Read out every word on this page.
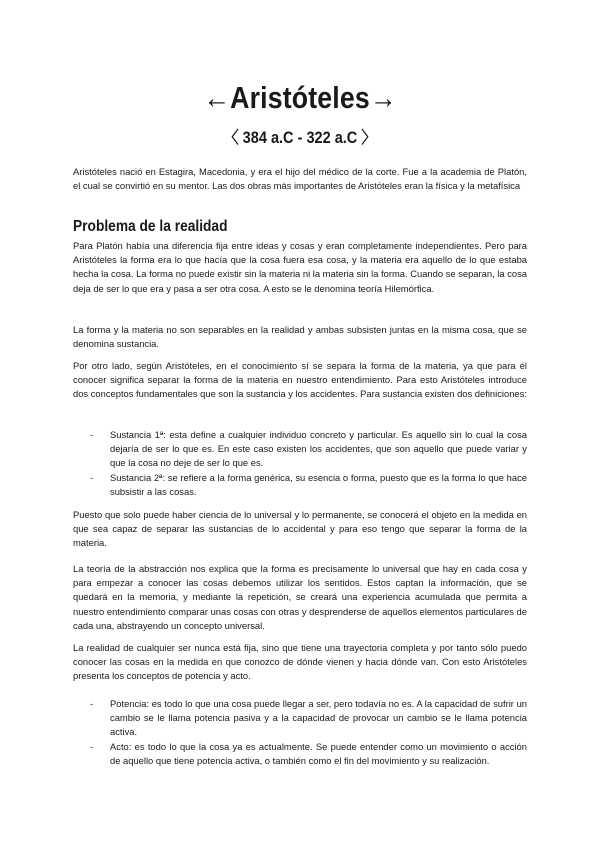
←Aristóteles→
〈 384 a.C - 322 a.C 〉

Aristóteles nació en Estagira, Macedonia, y era el hijo del médico de la corte. Fue a la academia de Platón, el cual se convirtió en su mentor. Las dos obras más importantes de Aristóteles eran la física y la metafísica

Problema de la realidad

Para Platón había una diferencia fija entre ideas y cosas y eran completamente independientes. Pero para Aristóteles la forma era lo que hacía que la cosa fuera esa cosa, y la materia era aquello de lo que estaba hecha la cosa. La forma no puede existir sin la materia ni la materia sin la forma. Cuando se separan, la cosa deja de ser lo que era y pasa a ser otra cosa. A esto se le denomina teoría Hilemórfica.

La forma y la materia no son separables en la realidad y ambas subsisten juntas en la misma cosa, que se denomina sustancia.

Por otro lado, según Aristóteles, en el conocimiento sí se separa la forma de la materia, ya que para él conocer significa separar la forma de la materia en nuestro entendimiento. Para esto Aristóteles introduce dos conceptos fundamentales que son la sustancia y los accidentes. Para sustancia existen dos definiciones:

- Sustancia 1ª: esta define a cualquier individuo concreto y particular. Es aquello sin lo cual la cosa dejaría de ser lo que es. En este caso existen los accidentes, que son aquello que puede variar y que la cosa no deje de ser lo que es.
- Sustancia 2ª: se refiere a la forma genérica, su esencia o forma, puesto que es la forma lo que hace subsistir a las cosas.

Puesto que solo puede haber ciencia de lo universal y lo permanente, se conocerá el objeto en la medida en que sea capaz de separar las sustancias de lo accidental y para eso tengo que separar la forma de la materia.

La teoría de la abstracción nos explica que la forma es precisamente lo universal que hay en cada cosa y para empezar a conocer las cosas debemos utilizar los sentidos. Estos captan la información, que se quedará en la memoria, y mediante la repetición, se creará una experiencia acumulada que permita a nuestro entendimiento comparar unas cosas con otras y desprenderse de aquellos elementos particulares de cada una, abstrayendo un concepto universal.

La realidad de cualquier ser nunca está fija, sino que tiene una trayectoria completa y por tanto sólo puedo conocer las cosas en la medida en que conozco de dónde vienen y hacia dónde van. Con esto Aristóteles presenta los conceptos de potencia y acto.

- Potencia: es todo lo que una cosa puede llegar a ser, pero todavía no es. A la capacidad de sufrir un cambio se le llama potencia pasiva y a la capacidad de provocar un cambio se le llama potencia activa.
- Acto: es todo lo que la cosa ya es actualmente. Se puede entender como un movimiento o acción de aquello que tiene potencia activa, o también como el fin del movimiento y su realización.
